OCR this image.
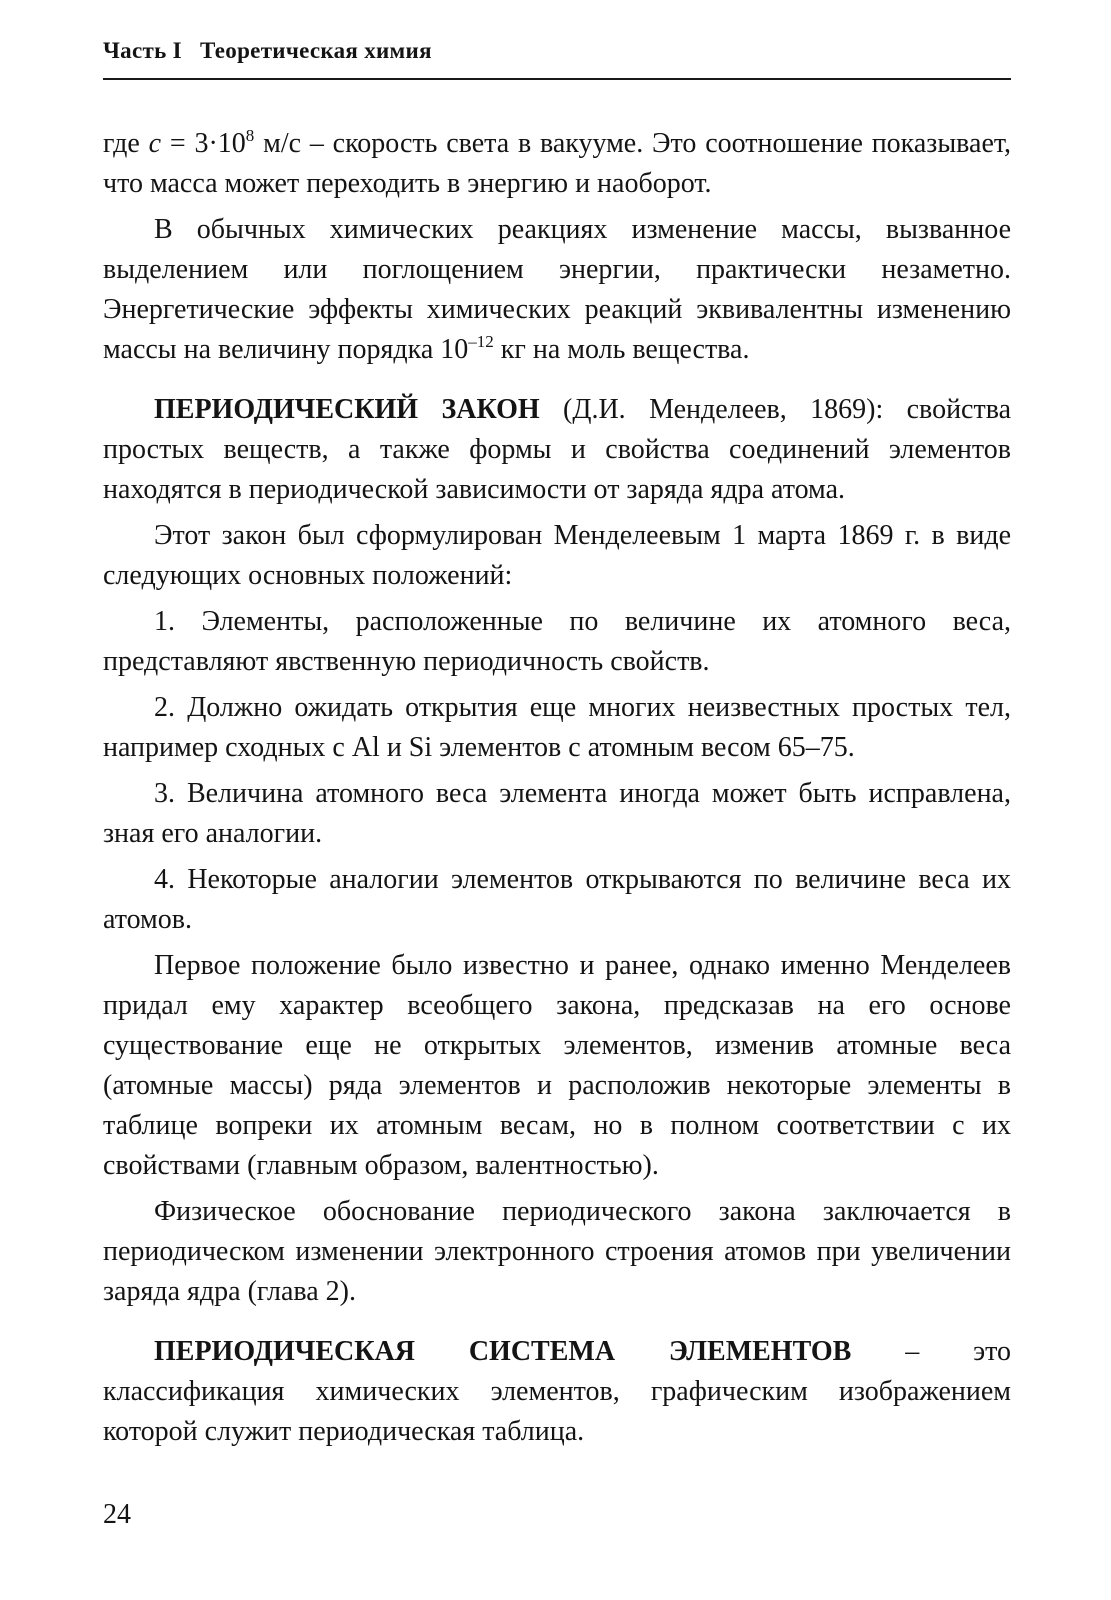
Часть I Теоретическая химия

где $c = 3\cdot 10^8$ м/с – скорость света в вакууме. Это соотношение показывает, что масса может переходить в энергию и наоборот.

В обычных химических реакциях изменение массы, вызванное выделением или поглощением энергии, практически незаметно. Энергетические эффекты химических реакций эквивалентны изменению массы на величину порядка $10^{-12}$ кг на моль вещества.

ПЕРИОДИЧЕСКИЙ ЗАКОН (Д.И. Менделеев, 1869): свойства простых веществ, а также формы и свойства соединений элементов находятся в периодической зависимости от заряда ядра атома.

Этот закон был сформулирован Менделеевым 1 марта 1869 г. в виде следующих основных положений:

1. Элементы, расположенные по величине их атомного веса, представляют явственную периодичность свойств.

2. Должно ожидать открытия еще многих неизвестных простых тел, например сходных с Al и Si элементов с атомным весом 65–75.

3. Величина атомного веса элемента иногда может быть исправлена, зная его аналогии.

4. Некоторые аналогии элементов открываются по величине веса их атомов.

Первое положение было известно и ранее, однако именно Менделеев придал ему характер всеобщего закона, предсказав на его основе существование еще не открытых элементов, изменив атомные веса (атомные массы) ряда элементов и расположив некоторые элементы в таблице вопреки их атомным весам, но в полном соответствии с их свойствами (главным образом, валентностью).

Физическое обоснование периодического закона заключается в периодическом изменении электронного строения атомов при увеличении заряда ядра (глава 2).

ПЕРИОДИЧЕСКАЯ СИСТЕМА ЭЛЕМЕНТОВ – это классификация химических элементов, графическим изображением которой служит периодическая таблица.

24
